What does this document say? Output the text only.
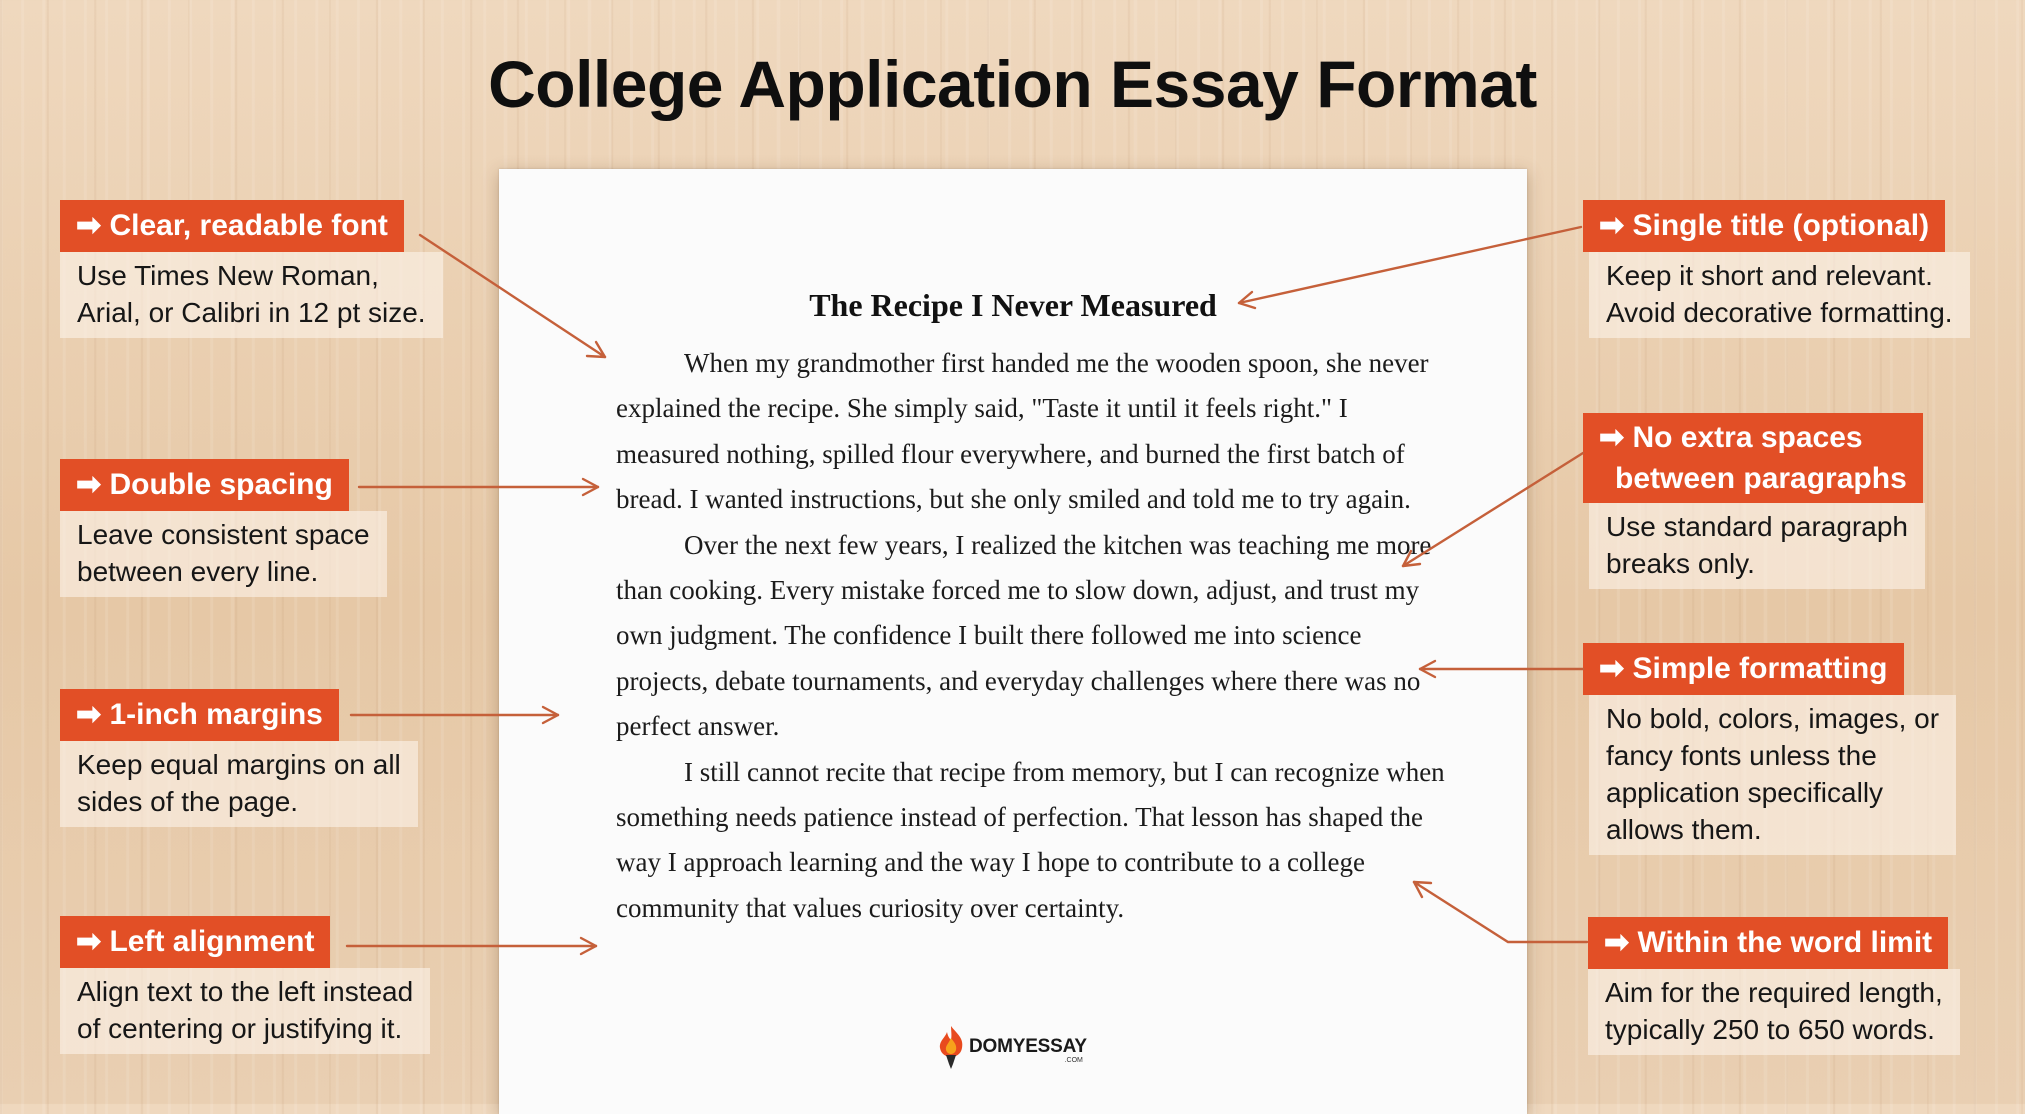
College Application Essay Format
The Recipe I Never Measured

When my grandmother first handed me the wooden spoon, she never explained the recipe. She simply said, "Taste it until it feels right." I measured nothing, spilled flour everywhere, and burned the first batch of bread. I wanted instructions, but she only smiled and told me to try again.

Over the next few years, I realized the kitchen was teaching me more than cooking. Every mistake forced me to slow down, adjust, and trust my own judgment. The confidence I built there followed me into science projects, debate tournaments, and everyday challenges where there was no perfect answer.

I still cannot recite that recipe from memory, but I can recognize when something needs patience instead of perfection. That lesson has shaped the way I approach learning and the way I hope to contribute to a college community that values curiosity over certainty.

DOMYESSAY
.COM
➡ Clear, readable font
Use Times New Roman,
Arial, or Calibri in 12 pt size.
➡ Double spacing
Leave consistent space
between every line.
➡ 1-inch margins
Keep equal margins on all
sides of the page.
➡ Left alignment
Align text to the left instead
of centering or justifying it.
➡ Single title (optional)
Keep it short and relevant.
Avoid decorative formatting.
➡ No extra spaces
between paragraphs

Use standard paragraph
breaks only.
➡ Simple formatting
No bold, colors, images, or
fancy fonts unless the
application specifically
allows them.
➡ Within the word limit
Aim for the required length,
typically 250 to 650 words.
